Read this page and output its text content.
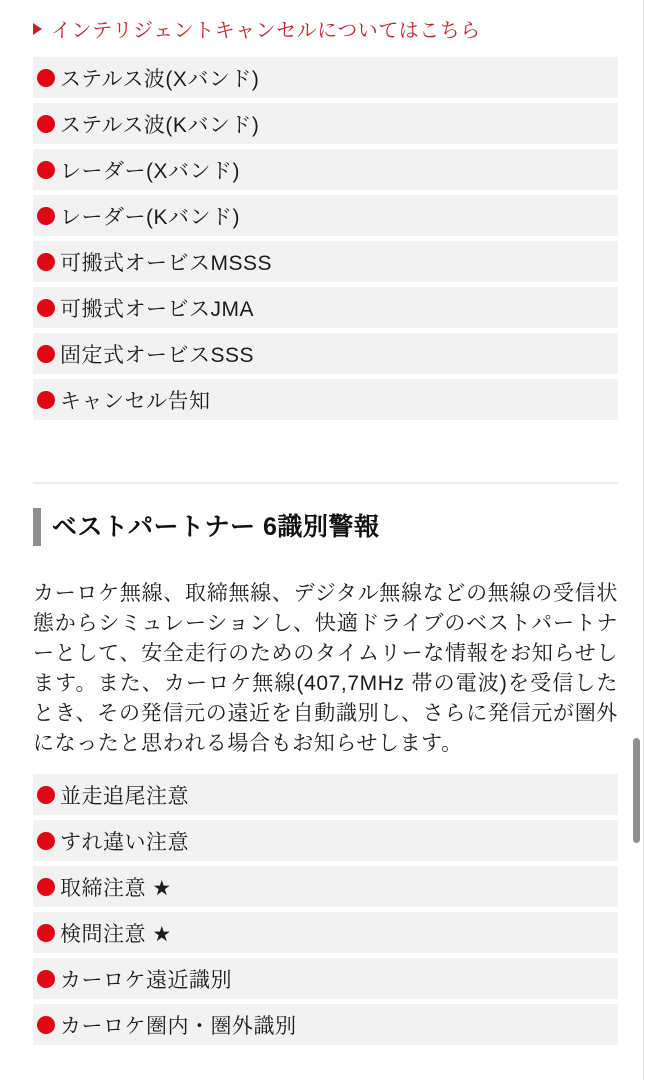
インテリジェントキャンセルについてはこちら
ステルス波(Xバンド)
ステルス波(Kバンド)
レーダー(Xバンド)
レーダー(Kバンド)
可搬式オービスMSSS
可搬式オービスJMA
固定式オービスSSS
キャンセル告知
ベストパートナー 6識別警報

カーロケ無線、取締無線、デジタル無線などの無線の受信状態からシミュレーションし、快適ドライブのベストパートナーとして、安全走行のためのタイムリーな情報をお知らせします。また、カーロケ無線(407,7MHz 帯の電波)を受信したとき、その発信元の遠近を自動識別し、さらに発信元が圏外になったと思われる場合もお知らせします。

並走追尾注意
すれ違い注意
取締注意 ★
検問注意 ★
カーロケ遠近識別
カーロケ圏内・圏外識別
